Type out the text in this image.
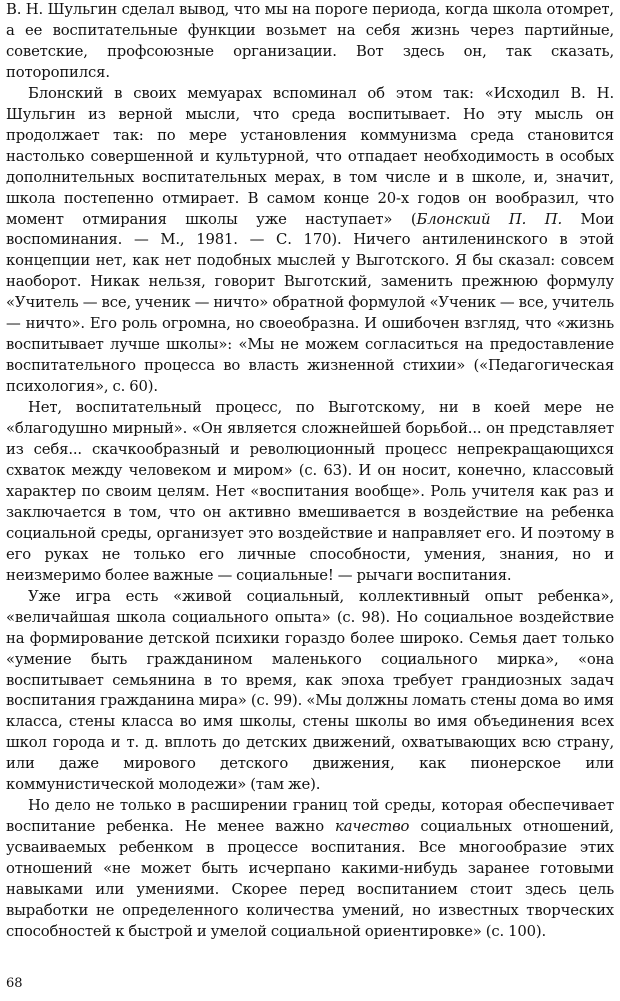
В. Н. Шульгин сделал вывод, что мы на пороге периода, когда школа отомрет, а ее воспитательные функции возьмет на себя жизнь через партийные, советские, профсоюзные организации. Вот здесь он, так сказать, поторопился.

Блонский в своих мемуарах вспоминал об этом так: «Исходил В. Н. Шульгин из верной мысли, что среда воспитывает. Но эту мысль он продолжает так: по мере установления коммунизма среда становится настолько совершенной и культурной, что отпадает необходимость в особых дополнительных воспитательных мерах, в том числе и в школе, и, значит, школа постепенно отмирает. В самом конце 20-х годов он вообразил, что момент отмирания школы уже наступает» (Блонский П. П. Мои воспоминания. — М., 1981. — С. 170). Ничего антиленинского в этой концепции нет, как нет подобных мыслей у Выготского. Я бы сказал: совсем наоборот. Никак нельзя, говорит Выготский, заменить прежнюю формулу «Учитель — все, ученик — ничто» обратной формулой «Ученик — все, учитель — ничто». Его роль огромна, но своеобразна. И ошибочен взгляд, что «жизнь воспитывает лучше школы»: «Мы не можем согласиться на предоставление воспитательного процесса во власть жизненной стихии» («Педагогическая психология», с. 60).

Нет, воспитательный процесс, по Выготскому, ни в коей мере не «благодушно мирный». «Он является сложнейшей борьбой... он представляет из себя... скачкообразный и революционный процесс непрекращающихся схваток между человеком и миром» (с. 63). И он носит, конечно, классовый характер по своим целям. Нет «воспитания вообще». Роль учителя как раз и заключается в том, что он активно вмешивается в воздействие на ребенка социальной среды, организует это воздействие и направляет его. И поэтому в его руках не только его личные способности, умения, знания, но и неизмеримо более важные — социальные! — рычаги воспитания.

Уже игра есть «живой социальный, коллективный опыт ребенка», «величайшая школа социального опыта» (с. 98). Но социальное воздействие на формирование детской психики гораздо более широко. Семья дает только «умение быть гражданином маленького социального мирка», «она воспитывает семьянина в то время, как эпоха требует грандиозных задач воспитания гражданина мира» (с. 99). «Мы должны ломать стены дома во имя класса, стены класса во имя школы, стены школы во имя объединения всех школ города и т. д. вплоть до детских движений, охватывающих всю страну, или даже мирового детского движения, как пионерское или коммунистической молодежи» (там же).

Но дело не только в расширении границ той среды, которая обеспечивает воспитание ребенка. Не менее важно качество социальных отношений, усваиваемых ребенком в процессе воспитания. Все многообразие этих отношений «не может быть исчерпано какими-нибудь заранее готовыми навыками или умениями. Скорее перед воспитанием стоит здесь цель выработки не определенного количества умений, но известных творческих способностей к быстрой и умелой социальной ориентировке» (с. 100).

68
